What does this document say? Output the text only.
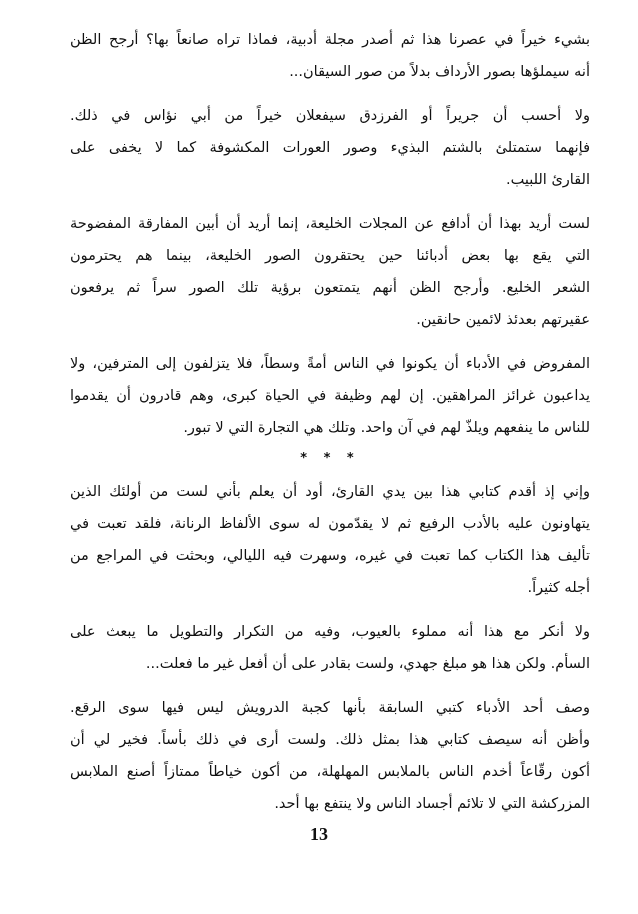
بشيء خيراً في عصرنا هذا ثم أصدر مجلة أدبية، فماذا تراه صانعاً بها؟ أرجح الظن
أنه سيملؤها بصور الأرداف بدلاً من صور السيقان...
ولا أحسب أن جريراً أو الفرزدق سيفعلان خيراً من أبي نؤاس في ذلك.
فإنهما ستمتلئ بالشتم البذيء وصور العورات المكشوفة كما لا يخفى على
القارئ اللبيب.
لست أريد بهذا أن أدافع عن المجلات الخليعة، إنما أريد أن أبين المفارقة المفضوحة
التي يقع بها بعض أدبائنا حين يحتقرون الصور الخليعة، بينما هم يحترمون
الشعر الخليع. وأرجح الظن أنهم يتمتعون برؤية تلك الصور سراً ثم يرفعون
عقيرتهم بعدئذ لائمين حانقين.
المفروض في الأدباء أن يكونوا في الناس أمةً وسطاً، فلا يتزلفون إلى المترفين، ولا
يداعبون غرائز المراهقين. إن لهم وظيفة في الحياة كبرى، وهم قادرون أن يقدموا
للناس ما ينفعهم ويلذّ لهم في آن واحد. وتلك هي التجارة التي لا تبور.
* * *
وإني إذ أقدم كتابي هذا بين يدي القارئ، أود أن يعلم بأني لست من أولئك الذين
يتهاونون عليه بالأدب الرفيع ثم لا يقدّمون له سوى الألفاظ الرنانة، فلقد تعبت في
تأليف هذا الكتاب كما تعبت في غيره، وسهرت فيه الليالي، وبحثت في المراجع من
أجله كثيراً.
ولا أنكر مع هذا أنه مملوء بالعيوب، وفيه من التكرار والتطويل ما يبعث على
السأم. ولكن هذا هو مبلغ جهدي، ولست بقادر على أن أفعل غير ما فعلت...
وصف أحد الأدباء كتبي السابقة بأنها كجبة الدرويش ليس فيها سوى الرقع.
وأظن أنه سيصف كتابي هذا بمثل ذلك. ولست أرى في ذلك بأساً. فخير لي أن
أكون رقّاعاً أخدم الناس بالملابس المهلهلة، من أكون خياطاً ممتازاً أصنع الملابس
المزركشة التي لا تلائم أجساد الناس ولا ينتفع بها أحد.
13
